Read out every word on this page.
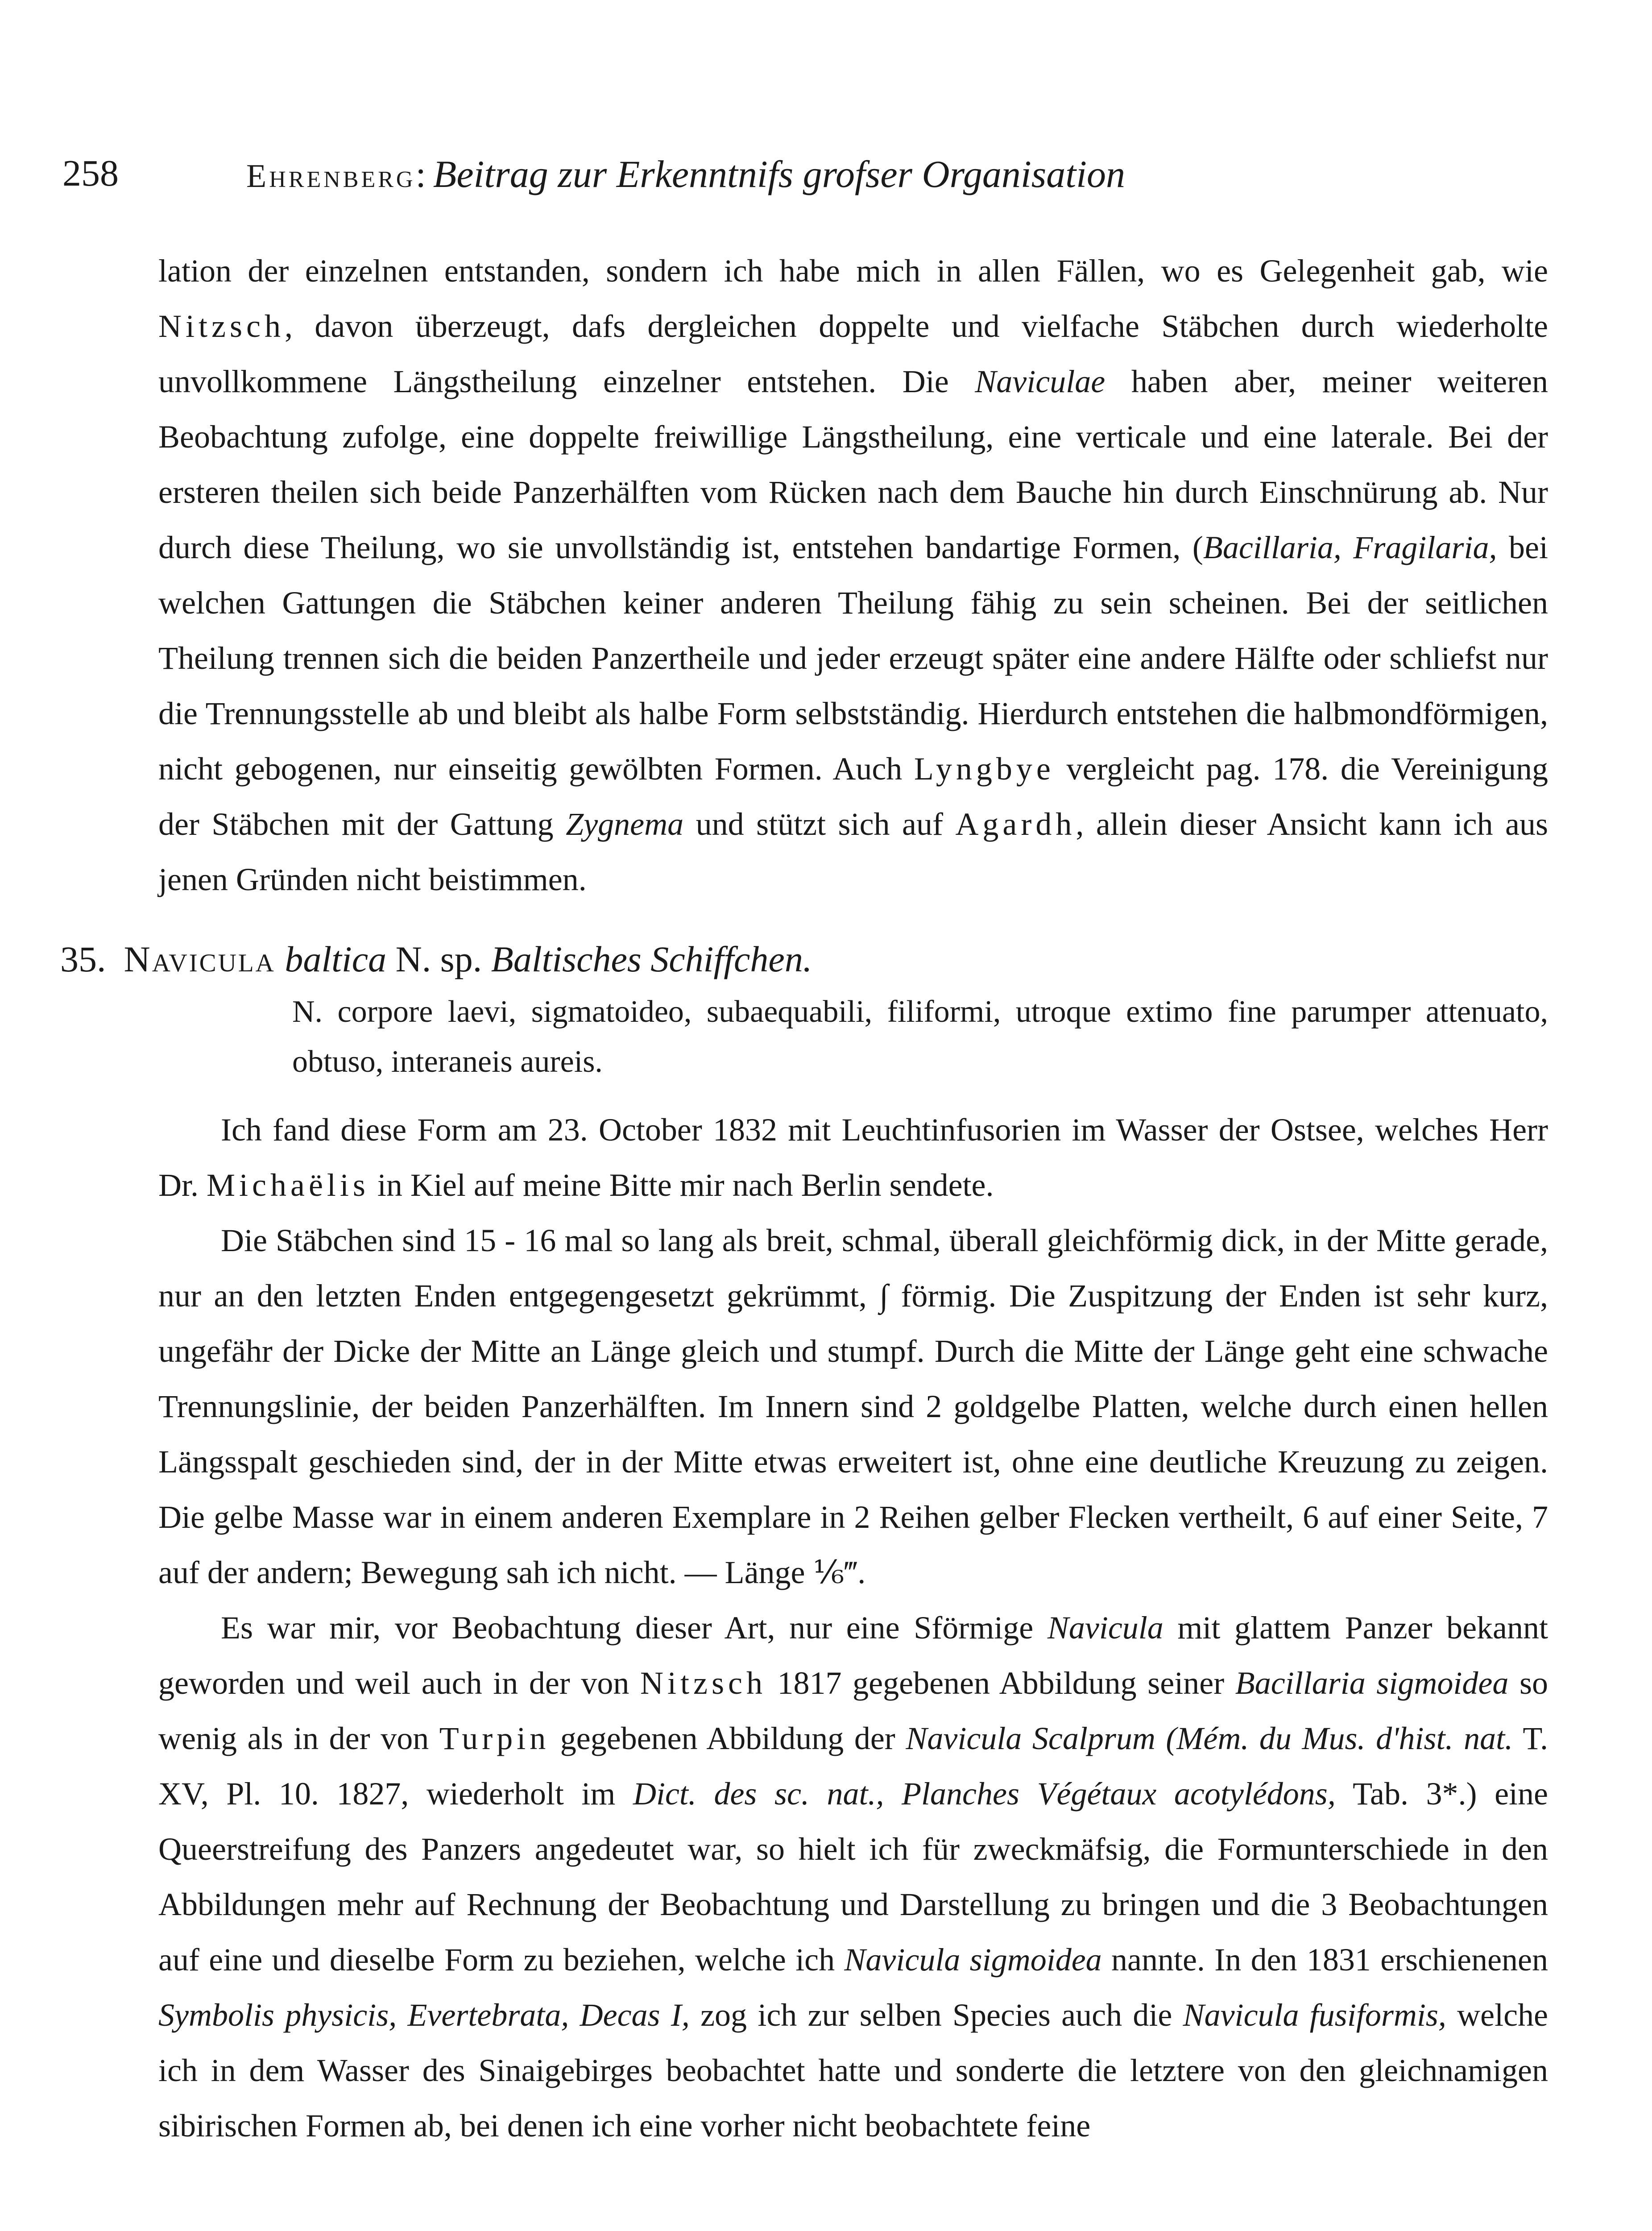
258	Ehrenberg: Beitrag zur Erkenntnifs grofser Organisation

lation der einzelnen entstanden, sondern ich habe mich in allen Fällen, wo es Gelegenheit gab, wie Nitzsch, davon überzeugt, dafs dergleichen doppelte und vielfache Stäbchen durch wiederholte unvollkommene Längstheilung einzelner entstehen. Die Naviculae haben aber, meiner weiteren Beobachtung zufolge, eine doppelte freiwillige Längstheilung, eine verticale und eine laterale. Bei der ersteren theilen sich beide Panzerhälften vom Rücken nach dem Bauche hin durch Einschnürung ab. Nur durch diese Theilung, wo sie unvollständig ist, entstehen bandartige Formen, (Bacillaria, Fragilaria, bei welchen Gattungen die Stäbchen keiner anderen Theilung fähig zu sein scheinen. Bei der seitlichen Theilung trennen sich die beiden Panzertheile und jeder erzeugt später eine andere Hälfte oder schliefst nur die Trennungsstelle ab und bleibt als halbe Form selbstständig. Hierdurch entstehen die halbmondförmigen, nicht gebogenen, nur einseitig gewölbten Formen. Auch Lyngbye vergleicht pag. 178. die Vereinigung der Stäbchen mit der Gattung Zygnema und stützt sich auf Agardh, allein dieser Ansicht kann ich aus jenen Gründen nicht beistimmen.

35. Navicula baltica N. sp. Baltisches Schiffchen.

N. corpore laevi, sigmatoideo, subaequabili, filiformi, utroque extimo fine parumper attenuato, obtuso, interaneis aureis.

Ich fand diese Form am 23. October 1832 mit Leuchtinfusorien im Wasser der Ostsee, welches Herr Dr. Michaëlis in Kiel auf meine Bitte mir nach Berlin sendete.

Die Stäbchen sind 15 - 16 mal so lang als breit, schmal, überall gleichförmig dick, in der Mitte gerade, nur an den letzten Enden entgegengesetzt gekrümmt, ∫ förmig. Die Zuspitzung der Enden ist sehr kurz, ungefähr der Dicke der Mitte an Länge gleich und stumpf. Durch die Mitte der Länge geht eine schwache Trennungslinie, der beiden Panzerhälften. Im Innern sind 2 goldgelbe Platten, welche durch einen hellen Längsspalt geschieden sind, der in der Mitte etwas erweitert ist, ohne eine deutliche Kreuzung zu zeigen. Die gelbe Masse war in einem anderen Exemplare in 2 Reihen gelber Flecken vertheilt, 6 auf einer Seite, 7 auf der andern; Bewegung sah ich nicht. — Länge ⅙‴.

Es war mir, vor Beobachtung dieser Art, nur eine Sförmige Navicula mit glattem Panzer bekannt geworden und weil auch in der von Nitzsch 1817 gegebenen Abbildung seiner Bacillaria sigmoidea so wenig als in der von Turpin gegebenen Abbildung der Navicula Scalprum (Mém. du Mus. d'hist. nat. T. XV, Pl. 10. 1827, wiederholt im Dict. des sc. nat., Planches Végétaux acotylédons, Tab. 3*.) eine Queerstreifung des Panzers angedeutet war, so hielt ich für zweckmäfsig, die Formunterschiede in den Abbildungen mehr auf Rechnung der Beobachtung und Darstellung zu bringen und die 3 Beobachtungen auf eine und dieselbe Form zu beziehen, welche ich Navicula sigmoidea nannte. In den 1831 erschienenen Symbolis physicis, Evertebrata, Decas I, zog ich zur selben Species auch die Navicula fusiformis, welche ich in dem Wasser des Sinaigebirges beobachtet hatte und sonderte die letztere von den gleichnamigen sibirischen Formen ab, bei denen ich eine vorher nicht beobachtete feine
